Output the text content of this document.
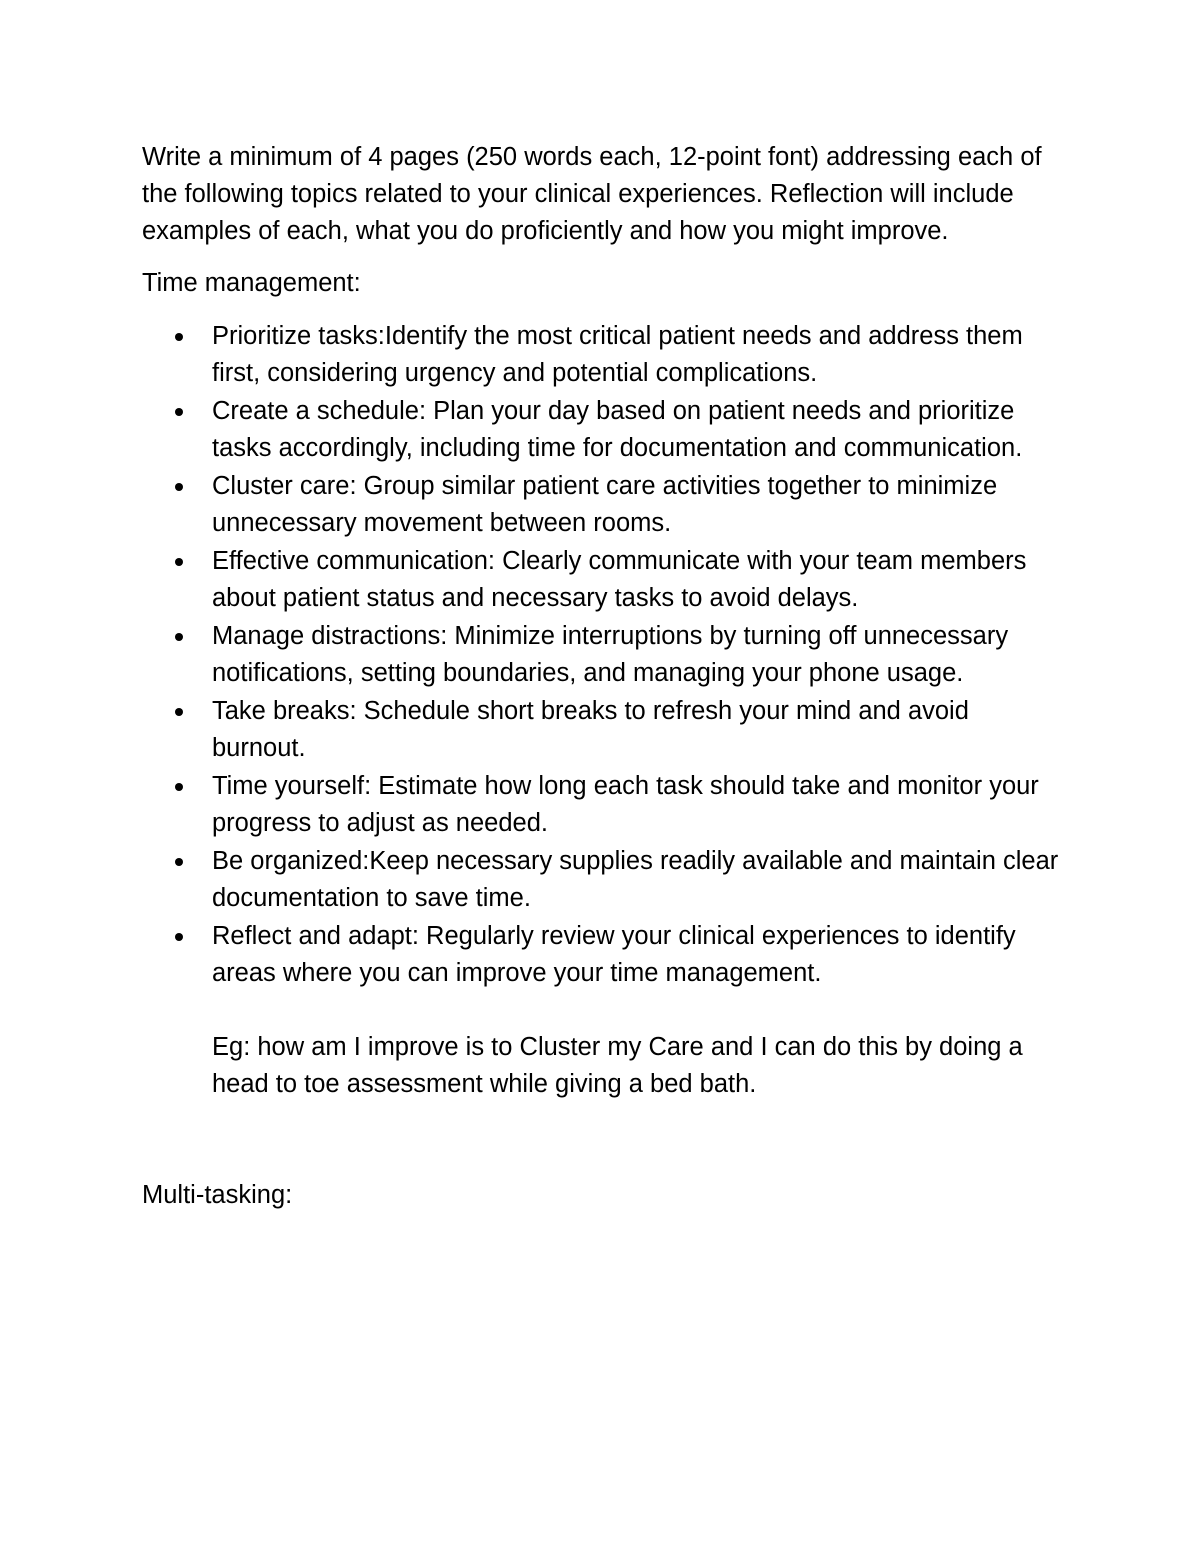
Write a minimum of 4 pages (250 words each, 12-point font) addressing each of the following topics related to your clinical experiences. Reflection will include examples of each, what you do proficiently and how you might improve.

Time management:

Prioritize tasks:Identify the most critical patient needs and address them first, considering urgency and potential complications.
Create a schedule: Plan your day based on patient needs and prioritize tasks accordingly, including time for documentation and communication.
Cluster care: Group similar patient care activities together to minimize unnecessary movement between rooms.
Effective communication: Clearly communicate with your team members about patient status and necessary tasks to avoid delays.
Manage distractions: Minimize interruptions by turning off unnecessary notifications, setting boundaries, and managing your phone usage.
Take breaks: Schedule short breaks to refresh your mind and avoid burnout.
Time yourself: Estimate how long each task should take and monitor your progress to adjust as needed.
Be organized:Keep necessary supplies readily available and maintain clear documentation to save time.
Reflect and adapt: Regularly review your clinical experiences to identify areas where you can improve your time management.

Eg: how am I improve is to Cluster my Care and I can do this by doing a head to toe assessment while giving a bed bath.

Multi-tasking:
